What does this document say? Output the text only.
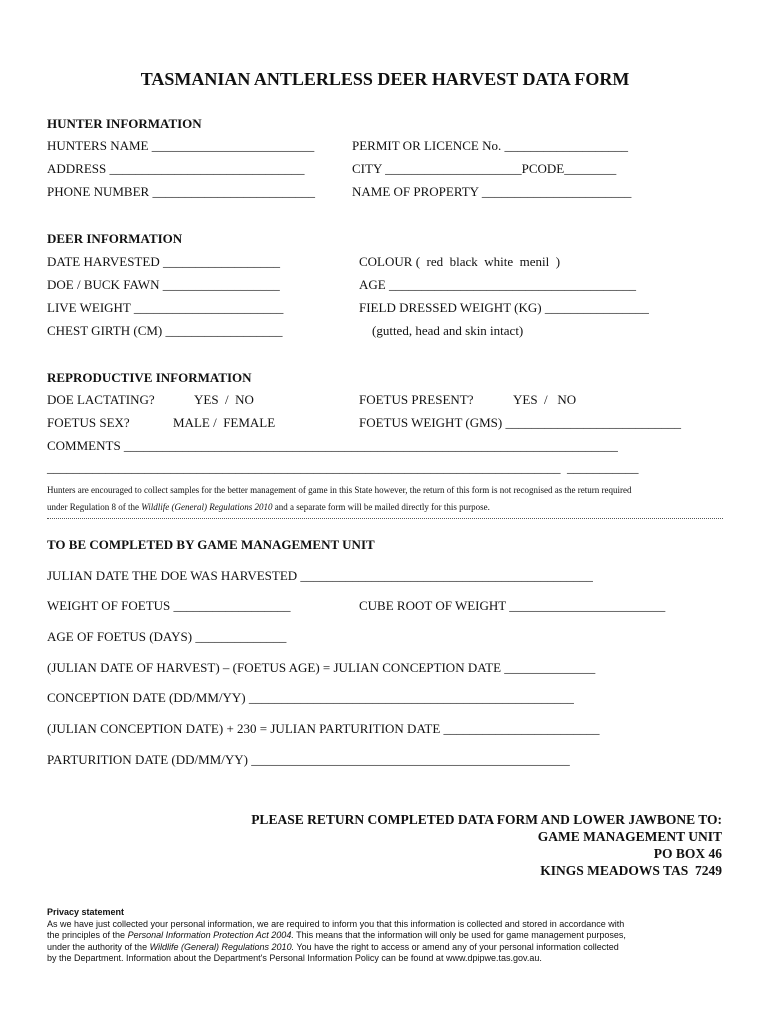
TASMANIAN ANTLERLESS DEER HARVEST DATA FORM
HUNTER INFORMATION
HUNTERS NAME _________________________	PERMIT OR LICENCE No. ___________________
ADDRESS ______________________________	CITY _____________________PCODE________
PHONE NUMBER _________________________	NAME OF PROPERTY _______________________
DEER INFORMATION
DATE HARVESTED __________________	COLOUR (  red  black  white  menil  )
DOE / BUCK FAWN __________________	AGE ______________________________________
LIVE WEIGHT _______________________	FIELD DRESSED WEIGHT (KG) ________________
CHEST GIRTH (CM) __________________	(gutted, head and skin intact)
REPRODUCTIVE INFORMATION
DOE LACTATING?	YES  /  NO	FOETUS PRESENT?	YES  /   NO
FOETUS SEX?	MALE /  FEMALE	FOETUS WEIGHT (GMS) ___________________________
COMMENTS ____________________________________________________________________________
_______________________________________________________________________________  ___________
Hunters are encouraged to collect samples for the better management of game in this State however, the return of this form is not recognised as the return required
under Regulation 8 of the Wildlife (General) Regulations 2010 and a separate form will be mailed directly for this purpose.
TO BE COMPLETED BY GAME MANAGEMENT UNIT
JULIAN DATE THE DOE WAS HARVESTED _____________________________________________
WEIGHT OF FOETUS __________________	CUBE ROOT OF WEIGHT ________________________
AGE OF FOETUS (DAYS) ______________
(JULIAN DATE OF HARVEST) – (FOETUS AGE) = JULIAN CONCEPTION DATE ______________
CONCEPTION DATE (DD/MM/YY) __________________________________________________
(JULIAN CONCEPTION DATE) + 230 = JULIAN PARTURITION DATE ________________________
PARTURITION DATE (DD/MM/YY) _________________________________________________
PLEASE RETURN COMPLETED DATA FORM AND LOWER JAWBONE TO:
GAME MANAGEMENT UNIT
PO BOX 46
KINGS MEADOWS TAS  7249

Privacy statement

As we have just collected your personal information, we are required to inform you that this information is collected and stored in accordance with

the principles of the Personal Information Protection Act 2004. This means that the information will only be used for game management purposes,

under the authority of the Wildlife (General) Regulations 2010. You have the right to access or amend any of your personal information collected

by the Department. Information about the Department's Personal Information Policy can be found at www.dpipwe.tas.gov.au.
